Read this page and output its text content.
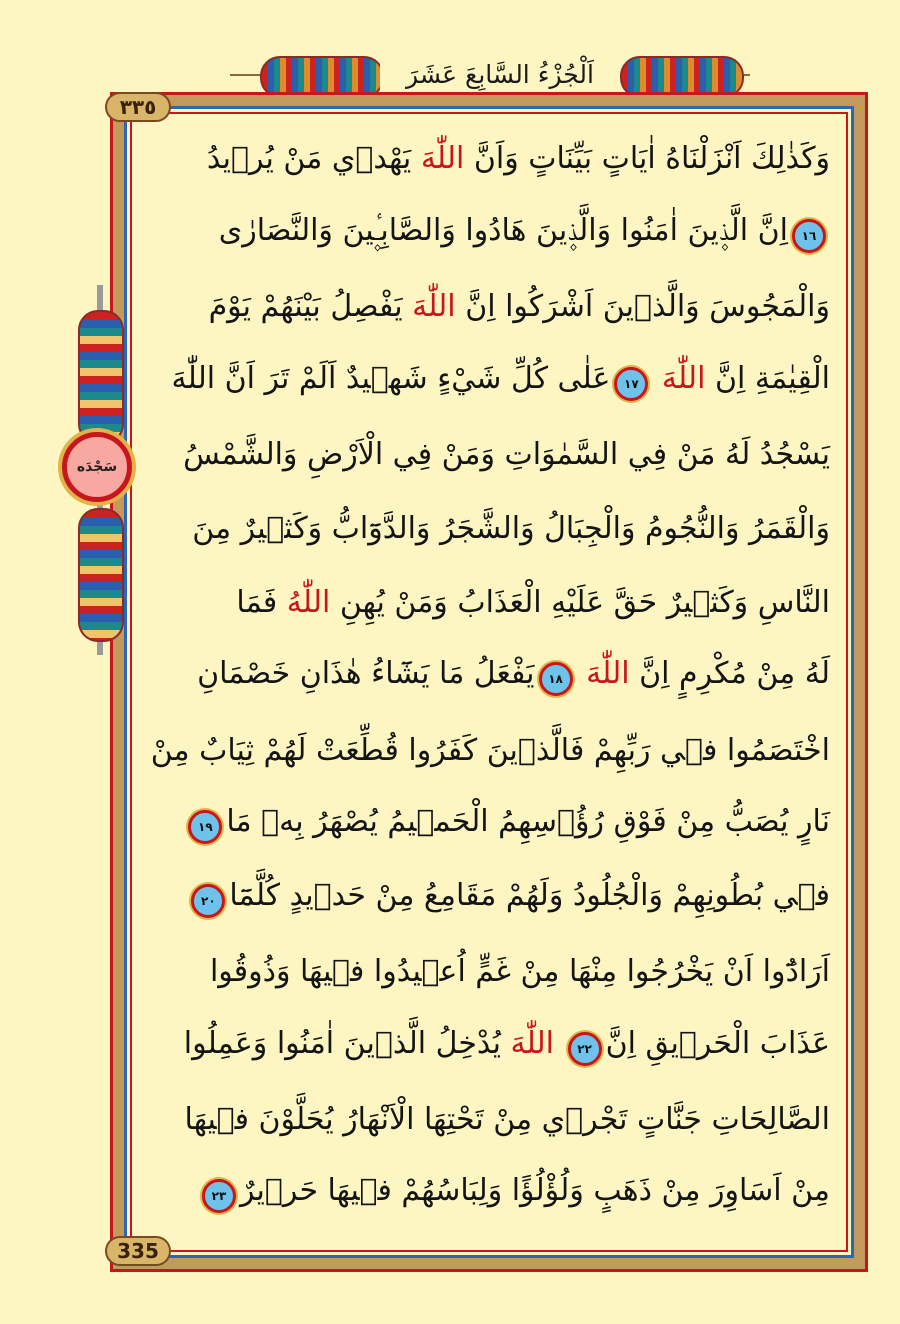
اَلْجُزْءُ السَّابِعَ عَشَرَ
٣٣٥
335
سَجْدَه
وَكَذٰلِكَ اَنْزَلْنَاهُ اٰيَاتٍ بَيِّنَاتٍ وَاَنَّ اللّٰهَ يَهْد۪ي مَنْ يُر۪يدُ
١٦اِنَّ الَّذ۪ينَ اٰمَنُوا وَالَّذ۪ينَ هَادُوا وَالصَّابِـ۪ٔينَ وَالنَّصَارٰى
وَالْمَجُوسَ وَالَّذ۪ينَ اَشْرَكُوا اِنَّ اللّٰهَ يَفْصِلُ بَيْنَهُمْ يَوْمَ
الْقِيٰمَةِ اِنَّ اللّٰهَ ١٧عَلٰى كُلِّ شَيْءٍ شَه۪يدٌ اَلَمْ تَرَ اَنَّ اللّٰهَ
يَسْجُدُ لَهُ مَنْ فِي السَّمٰوَاتِ وَمَنْ فِي الْاَرْضِ وَالشَّمْسُ
وَالْقَمَرُ وَالنُّجُومُ وَالْجِبَالُ وَالشَّجَرُ وَالدَّوَٓابُّ وَكَث۪يرٌ مِنَ
النَّاسِ وَكَث۪يرٌ حَقَّ عَلَيْهِ الْعَذَابُ وَمَنْ يُهِنِ اللّٰهُ فَمَا
لَهُ مِنْ مُكْرِمٍ اِنَّ اللّٰهَ ١٨يَفْعَلُ مَا يَشَٓاءُ هٰذَانِ خَصْمَانِ
اخْتَصَمُوا ف۪ي رَبِّهِمْ فَالَّذ۪ينَ كَفَرُوا قُطِّعَتْ لَهُمْ ثِيَابٌ مِنْ
نَارٍ يُصَبُّ مِنْ فَوْقِ رُؤُ۫سِهِمُ الْحَم۪يمُ يُصْهَرُ بِه۪ مَا١٩
ف۪ي بُطُونِهِمْ وَالْجُلُودُ وَلَهُمْ مَقَامِعُ مِنْ حَد۪يدٍ كُلَّمَٓا٢٠
اَرَادُٓوا اَنْ يَخْرُجُوا مِنْهَا مِنْ غَمٍّ اُع۪يدُوا ف۪يهَا وَذُوقُوا
عَذَابَ الْحَر۪يقِ اِنَّ٢٢ اللّٰهَ يُدْخِلُ الَّذ۪ينَ اٰمَنُوا وَعَمِلُوا
الصَّالِحَاتِ جَنَّاتٍ تَجْر۪ي مِنْ تَحْتِهَا الْاَنْهَارُ يُحَلَّوْنَ ف۪يهَا
مِنْ اَسَاوِرَ مِنْ ذَهَبٍ وَلُؤْلُؤًا وَلِبَاسُهُمْ ف۪يهَا حَر۪يرٌ٢٣
